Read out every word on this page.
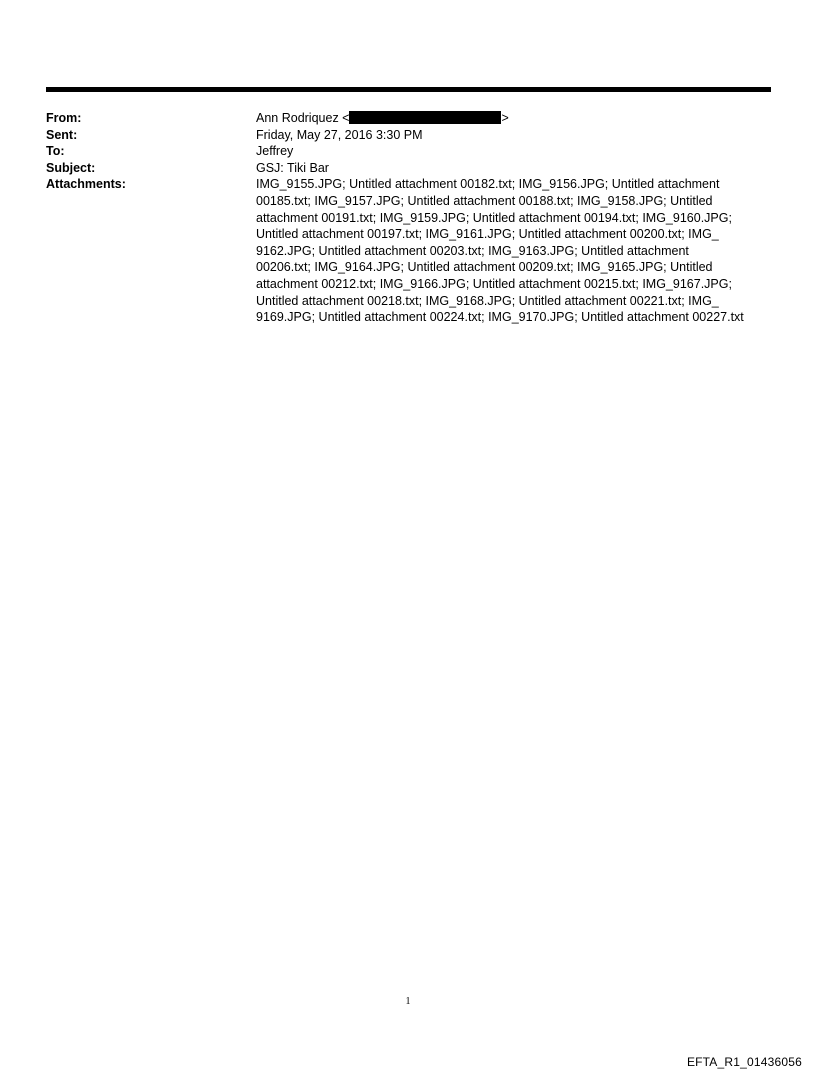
From:	Ann Rodriquez <	>
Sent:	Friday, May 27, 2016 3:30 PM
To:	Jeffrey
Subject:	GSJ: Tiki Bar
Attachments:	IMG_9155.JPG; Untitled attachment 00182.txt; IMG_9156.JPG; Untitled attachment
00185.txt; IMG_9157.JPG; Untitled attachment 00188.txt; IMG_9158.JPG; Untitled
attachment 00191.txt; IMG_9159.JPG; Untitled attachment 00194.txt; IMG_9160.JPG;
Untitled attachment 00197.txt; IMG_9161.JPG; Untitled attachment 00200.txt; IMG_
9162.JPG; Untitled attachment 00203.txt; IMG_9163.JPG; Untitled attachment
00206.txt; IMG_9164.JPG; Untitled attachment 00209.txt; IMG_9165.JPG; Untitled
attachment 00212.txt; IMG_9166.JPG; Untitled attachment 00215.txt; IMG_9167.JPG;
Untitled attachment 00218.txt; IMG_9168.JPG; Untitled attachment 00221.txt; IMG_
9169.JPG; Untitled attachment 00224.txt; IMG_9170.JPG; Untitled attachment 00227.txt
1
EFTA_R1_01436056
